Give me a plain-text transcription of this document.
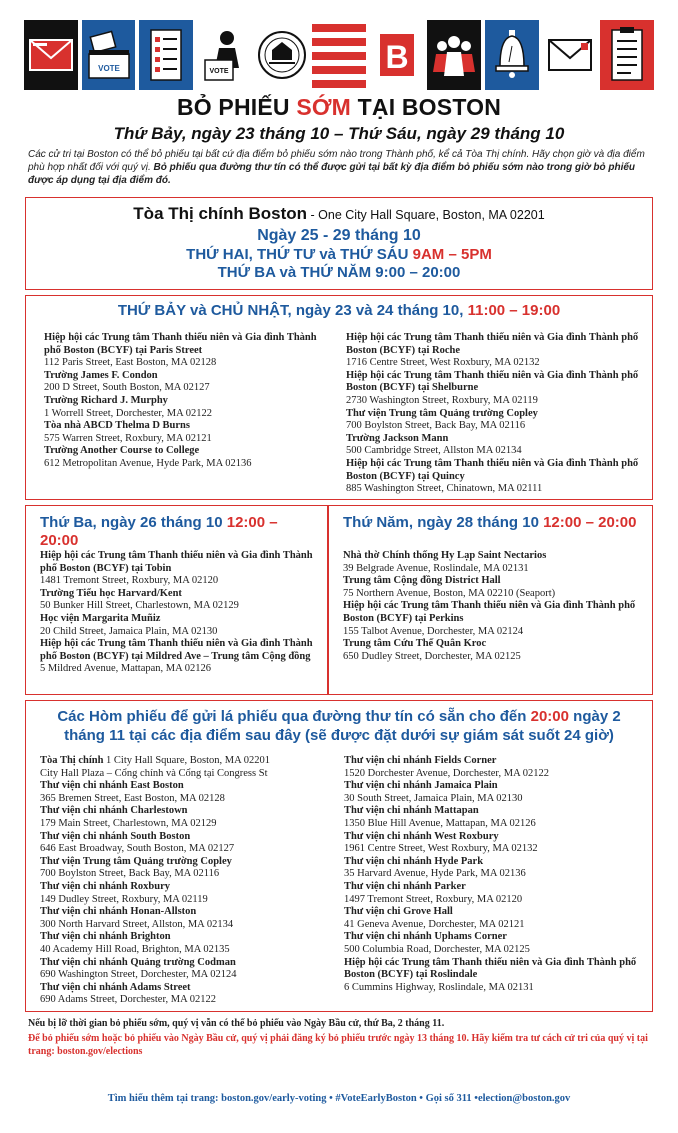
VOTE	VOTE	B
BỎ PHIẾU SỚM TẠI BOSTON
Thứ Bảy, ngày 23 tháng 10 – Thứ Sáu, ngày 29 tháng 10
Các cử tri tại Boston có thể bỏ phiếu tại bất cứ địa điểm bỏ phiếu sớm nào trong Thành phố, kể cả Tòa Thị chính. Hãy chọn giờ và địa điểm phù hợp nhất đối với quý vị. Bỏ phiếu qua đường thư tín có thể được gửi tại bất kỳ địa điểm bỏ phiếu sớm nào trong giờ bỏ phiếu được áp dụng tại địa điểm đó.
Tòa Thị chính Boston - One City Hall Square, Boston, MA 02201
Ngày 25 - 29 tháng 10
THỨ HAI, THỨ TƯ và THỨ SÁU 9AM – 5PM
THỨ BA và THỨ NĂM 9:00 – 20:00
THỨ BẢY và CHỦ NHẬT, ngày 23 và 24 tháng 10, 11:00 – 19:00
Hiệp hội các Trung tâm Thanh thiếu niên và Gia đình Thành phố Boston (BCYF) tại Paris Street
112 Paris Street, East Boston, MA 02128
Trường James F. Condon
200 D Street, South Boston, MA 02127
Trường Richard J. Murphy
1 Worrell Street, Dorchester, MA 02122
Tòa nhà ABCD Thelma D Burns
575 Warren Street, Roxbury, MA 02121
Trường Another Course to College
612 Metropolitan Avenue, Hyde Park, MA 02136
Hiệp hội các Trung tâm Thanh thiếu niên và Gia đình Thành phố Boston (BCYF) tại Roche
1716 Centre Street, West Roxbury, MA 02132
Hiệp hội các Trung tâm Thanh thiếu niên và Gia đình Thành phố Boston (BCYF) tại Shelburne
2730 Washington Street, Roxbury, MA 02119
Thư viện Trung tâm Quảng trường Copley
700 Boylston Street, Back Bay, MA 02116
Trường Jackson Mann
500 Cambridge Street, Allston MA 02134
Hiệp hội các Trung tâm Thanh thiếu niên và Gia đình Thành phố Boston (BCYF) tại Quincy
885 Washington Street, Chinatown, MA 02111
Thứ Ba, ngày 26 tháng 10 12:00 – 20:00
Hiệp hội các Trung tâm Thanh thiếu niên và Gia đình Thành phố Boston (BCYF) tại Tobin
1481 Tremont Street, Roxbury, MA 02120
Trường Tiểu học Harvard/Kent
50 Bunker Hill Street, Charlestown, MA 02129
Học viện Margarita Muñiz
20 Child Street, Jamaica Plain, MA 02130
Hiệp hội các Trung tâm Thanh thiếu niên và Gia đình Thành phố Boston (BCYF) tại Mildred Ave – Trung tâm Cộng đồng
5 Mildred Avenue, Mattapan, MA 02126
Thứ Năm, ngày 28 tháng 10 12:00 – 20:00
Nhà thờ Chính thống Hy Lạp Saint Nectarios
39 Belgrade Avenue, Roslindale, MA 02131
Trung tâm Cộng đồng District Hall
75 Northern Avenue, Boston, MA 02210 (Seaport)
Hiệp hội các Trung tâm Thanh thiếu niên và Gia đình Thành phố Boston (BCYF) tại Perkins
155 Talbot Avenue, Dorchester, MA 02124
Trung tâm Cứu Thế Quân Kroc
650 Dudley Street, Dorchester, MA 02125
Các Hòm phiếu để gửi lá phiếu qua đường thư tín có sẵn cho đến 20:00 ngày 2 tháng 11 tại các địa điểm sau đây (sẽ được đặt dưới sự giám sát suốt 24 giờ)
Tòa Thị chính 1 City Hall Square, Boston, MA 02201
City Hall Plaza – Cổng chính và Cổng tại Congress St
Thư viện chi nhánh East Boston
365 Bremen Street, East Boston, MA 02128
Thư viện chi nhánh Charlestown
179 Main Street, Charlestown, MA 02129
Thư viện chi nhánh South Boston
646 East Broadway, South Boston, MA 02127
Thư viện Trung tâm Quảng trường Copley
700 Boylston Street, Back Bay, MA 02116
Thư viện chi nhánh Roxbury
149 Dudley Street, Roxbury, MA 02119
Thư viện chi nhánh Honan-Allston
300 North Harvard Street, Allston, MA 02134
Thư viện chi nhánh Brighton
40 Academy Hill Road, Brighton, MA 02135
Thư viện chi nhánh Quảng trường Codman
690 Washington Street, Dorchester, MA 02124
Thư viện chi nhánh Adams Street
690 Adams Street, Dorchester, MA 02122
Thư viện chi nhánh Fields Corner
1520 Dorchester Avenue, Dorchester, MA 02122
Thư viện chi nhánh Jamaica Plain
30 South Street, Jamaica Plain, MA 02130
Thư viện chi nhánh Mattapan
1350 Blue Hill Avenue, Mattapan, MA 02126
Thư viện chi nhánh West Roxbury
1961 Centre Street, West Roxbury, MA 02132
Thư viện chi nhánh Hyde Park
35 Harvard Avenue, Hyde Park, MA 02136
Thư viện chi nhánh Parker
1497 Tremont Street, Roxbury, MA 02120
Thư viện chi Grove Hall
41 Geneva Avenue, Dorchester, MA 02121
Thư viện chi nhánh Uphams Corner
500 Columbia Road, Dorchester, MA 02125
Hiệp hội các Trung tâm Thanh thiếu niên và Gia đình Thành phố Boston (BCYF) tại Roslindale
6 Cummins Highway, Roslindale, MA 02131
Nếu bị lỡ thời gian bỏ phiếu sớm, quý vị vẫn có thể bỏ phiếu vào Ngày Bầu cử, thứ Ba, 2 tháng 11.
Để bỏ phiếu sớm hoặc bỏ phiếu vào Ngày Bầu cử, quý vị phải đăng ký bỏ phiếu trước ngày 13 tháng 10. Hãy kiểm tra tư cách cử tri của quý vị tại trang: boston.gov/elections
Tìm hiểu thêm tại trang: boston.gov/early-voting • #VoteEarlyBoston • Gọi số 311 •election@boston.gov
